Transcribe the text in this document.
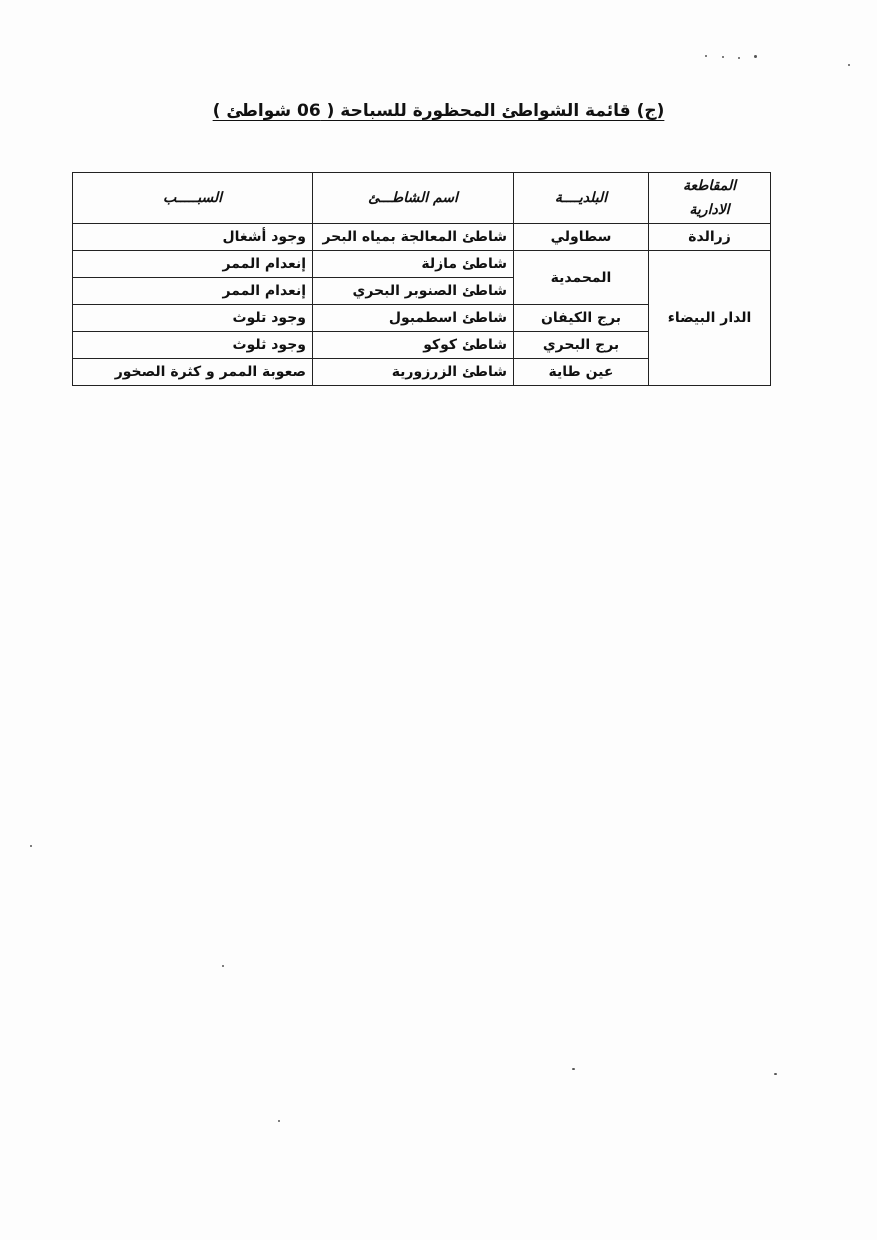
(ج) قائمة الشواطئ المحظورة للسباحة ( 06 شواطئ )
المقاطعة
الادارية	البلديــــة	اسم الشاطـــئ	السبـــــب
زرالدة	سطاولي	شاطئ المعالجة بمياه البحر	وجود أشغال
الدار البيضاء	المحمدية	شاطئ مازلة	إنعدام الممر
		شاطئ الصنوبر البحري	إنعدام الممر
	برج الكيفان	شاطئ اسطمبول	وجود تلوث
	برج البحري	شاطئ كوكو	وجود ثلوث
	عين طاية	شاطئ الزرزورية	صعوبة الممر و كثرة الصخور
